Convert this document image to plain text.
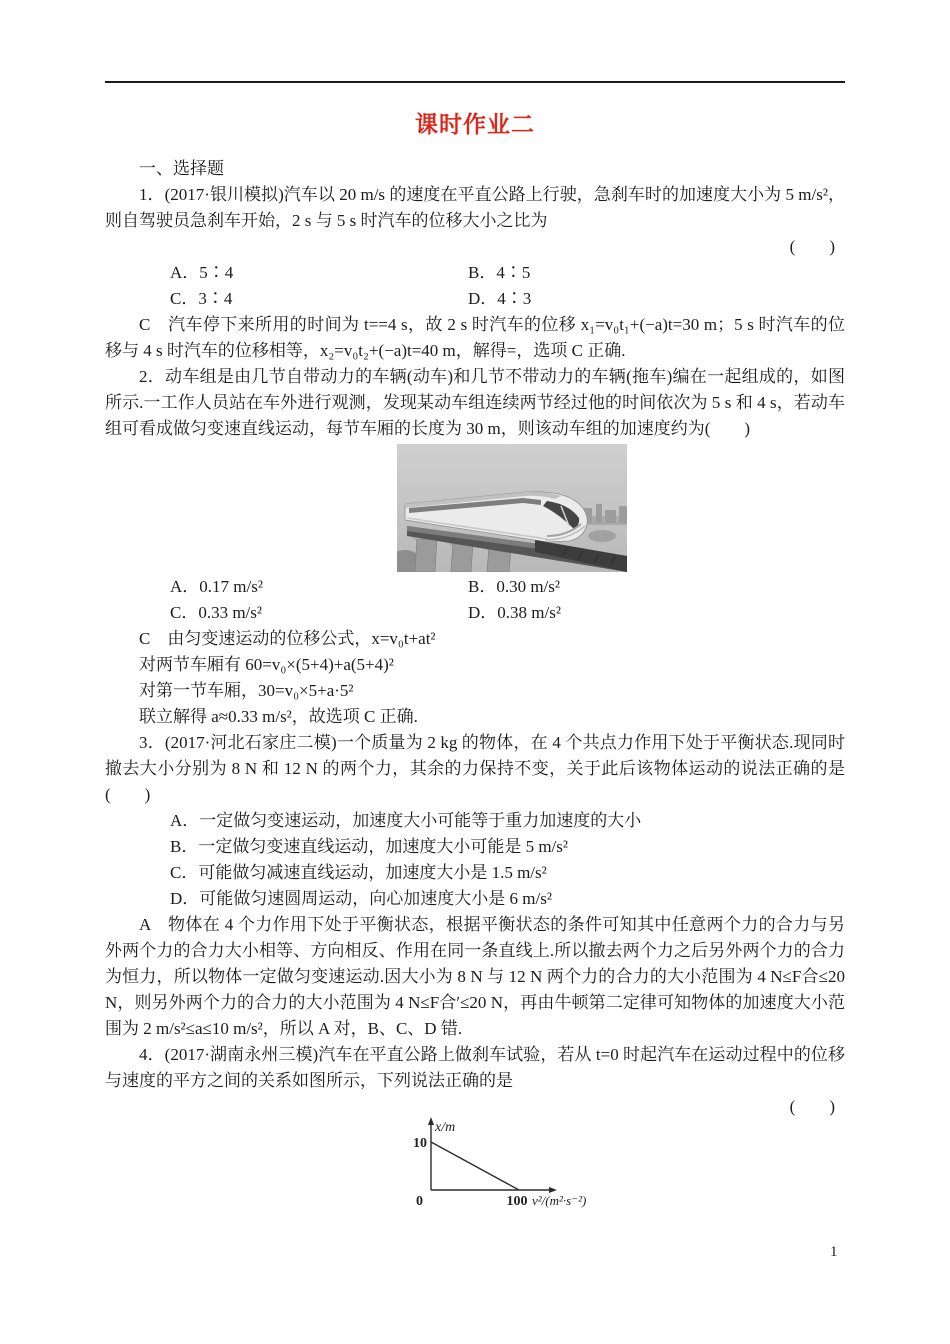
课时作业二

一、选择题

1．(2017·银川模拟)汽车以 20 m/s 的速度在平直公路上行驶，急刹车时的加速度大小为 5 m/s²，则自驾驶员急刹车开始，2 s 与 5 s 时汽车的位移大小之比为

(　　)
A．5∶4	B．4∶5
C．3∶4	D．4∶3

C　汽车停下来所用的时间为 t==4 s，故 2 s 时汽车的位移 x₁=v₀t₁+(−a)t=30 m；5 s 时汽车的位移与 4 s 时汽车的位移相等，x₂=v₀t₂+(−a)t=40 m，解得=，选项 C 正确.

2．动车组是由几节自带动力的车辆(动车)和几节不带动力的车辆(拖车)编在一起组成的，如图所示.一工作人员站在车外进行观测，发现某动车组连续两节经过他的时间依次为 5 s 和 4 s，若动车组可看成做匀变速直线运动，每节车厢的长度为 30 m，则该动车组的加速度约为(　　)

A．0.17 m/s²	B．0.30 m/s²
C．0.33 m/s²	D．0.38 m/s²

C　由匀变速运动的位移公式，x=v₀t+at²

对两节车厢有 60=v₀×(5+4)+a(5+4)²

对第一节车厢，30=v₀×5+a·5²

联立解得 a≈0.33 m/s²，故选项 C 正确.

3．(2017·河北石家庄二模)一个质量为 2 kg 的物体，在 4 个共点力作用下处于平衡状态.现同时撤去大小分别为 8 N 和 12 N 的两个力，其余的力保持不变，关于此后该物体运动的说法正确的是(　　)

A．一定做匀变速运动，加速度大小可能等于重力加速度的大小
B．一定做匀变速直线运动，加速度大小可能是 5 m/s²
C．可能做匀减速直线运动，加速度大小是 1.5 m/s²
D．可能做匀速圆周运动，向心加速度大小是 6 m/s²

A　物体在 4 个力作用下处于平衡状态，根据平衡状态的条件可知其中任意两个力的合力与另外两个力的合力大小相等、方向相反、作用在同一条直线上.所以撤去两个力之后另外两个力的合力为恒力，所以物体一定做匀变速运动.因大小为 8 N 与 12 N 两个力的合力的大小范围为 4 N≤F合≤20 N，则另外两个力的合力的大小范围为 4 N≤F合′≤20 N，再由牛顿第二定律可知物体的加速度大小范围为 2 m/s²≤a≤10 m/s²，所以 A 对，B、C、D 错.

4．(2017·湖南永州三模)汽车在平直公路上做刹车试验，若从 t=0 时起汽车在运动过程中的位移与速度的平方之间的关系如图所示，下列说法正确的是

(　　)
x/m
10
0	100 v²/(m²·s⁻²)
1
